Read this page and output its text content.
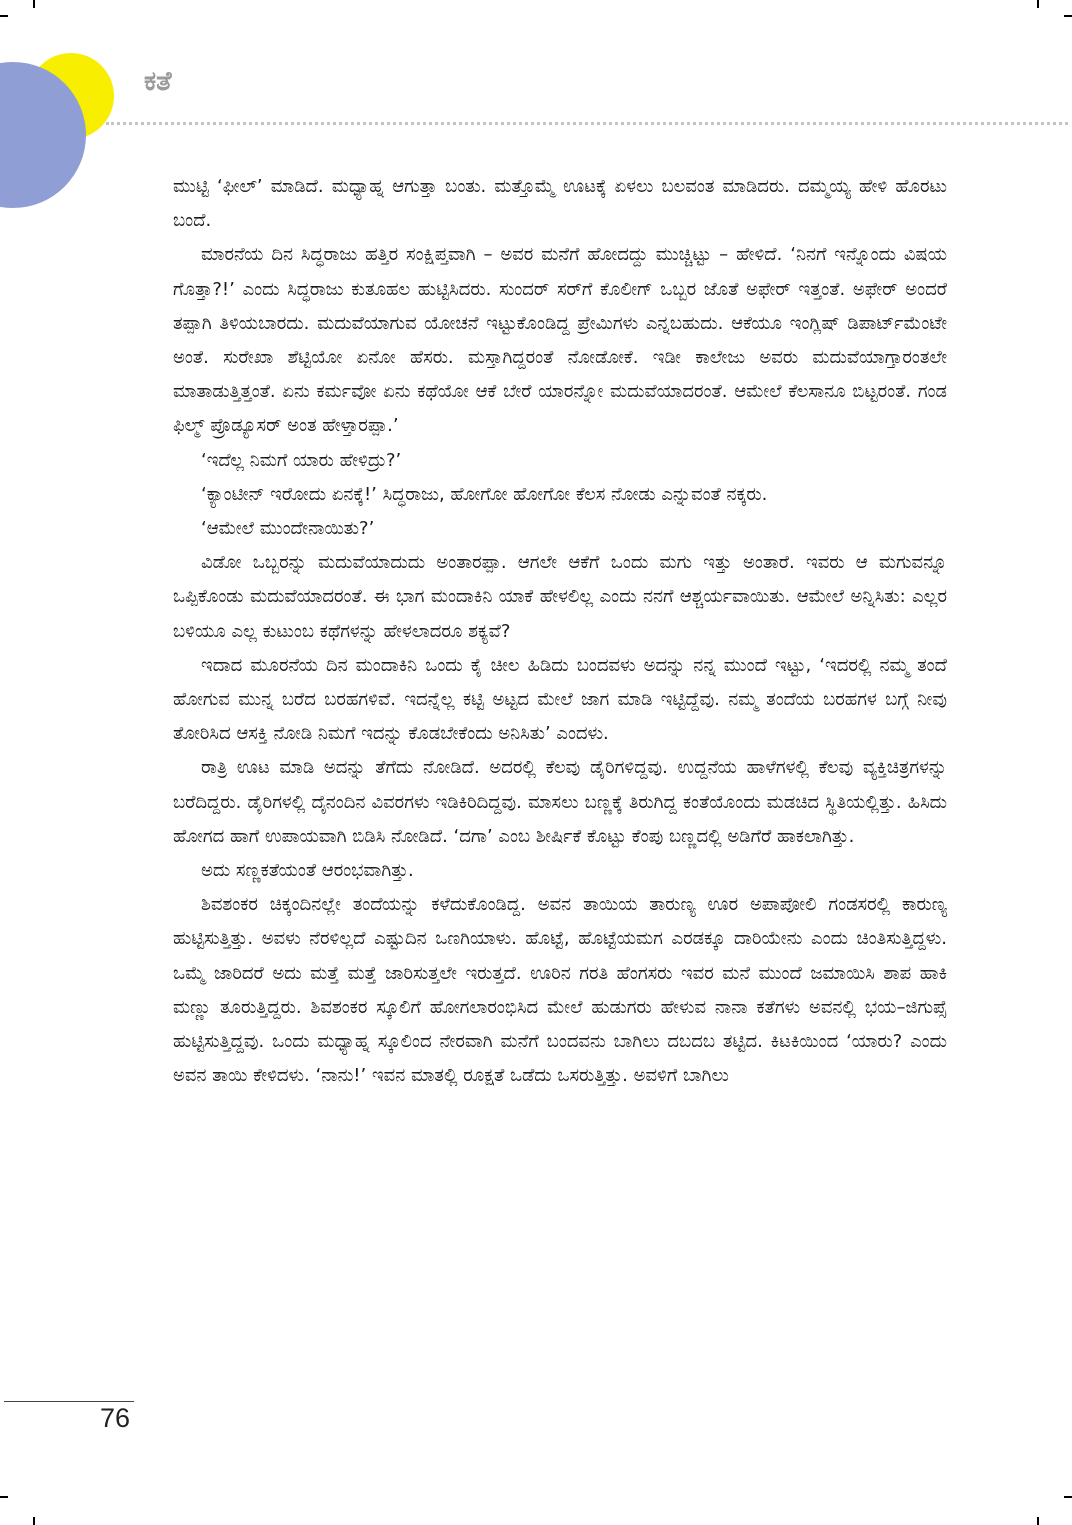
ಕತೆ

ಮುಟ್ಟಿ ‘ಫೀಲ್’ ಮಾಡಿದೆ. ಮಧ್ಯಾಹ್ನ ಆಗುತ್ತಾ ಬಂತು. ಮತ್ತೊಮ್ಮೆ ಊಟಕ್ಕೆ ಏಳಲು ಬಲವಂತ ಮಾಡಿದರು. ದಮ್ಮಯ್ಯ ಹೇಳಿ ಹೊರಟು ಬಂದೆ.

ಮಾರನೆಯ ದಿನ ಸಿದ್ಧರಾಜು ಹತ್ತಿರ ಸಂಕ್ಷಿಪ್ತವಾಗಿ – ಅವರ ಮನೆಗೆ ಹೋದದ್ದು ಮುಚ್ಚಿಟ್ಟು – ಹೇಳಿದೆ. ‘ನಿನಗೆ ಇನ್ನೊಂದು ವಿಷಯ ಗೊತ್ತಾ?!’ ಎಂದು ಸಿದ್ಧರಾಜು ಕುತೂಹಲ ಹುಟ್ಟಿಸಿದರು. ಸುಂದರ್ ಸರ್‌ಗೆ ಕೊಲೀಗ್ ಒಬ್ಬರ ಜೊತೆ ಅಫೇರ್ ಇತ್ತಂತೆ. ಅಫೇರ್ ಅಂದರೆ ತಪ್ಪಾಗಿ ತಿಳಿಯಬಾರದು. ಮದುವೆಯಾಗುವ ಯೋಚನೆ ಇಟ್ಟುಕೊಂಡಿದ್ದ ಪ್ರೇಮಿಗಳು ಎನ್ನಬಹುದು. ಆಕೆಯೂ ಇಂಗ್ಲಿಷ್ ಡಿಪಾರ್ಟ್‌ಮೆಂಟೇ ಅಂತೆ. ಸುರೇಖಾ ಶೆಟ್ಟಿಯೋ ಏನೋ ಹೆಸರು. ಮಸ್ತಾಗಿದ್ದರಂತೆ ನೋಡೋಕೆ. ಇಡೀ ಕಾಲೇಜು ಅವರು ಮದುವೆಯಾಗ್ತಾರಂತಲೇ ಮಾತಾಡುತ್ತಿತ್ತಂತೆ. ಏನು ಕರ್ಮವೋ ಏನು ಕಥೆಯೋ ಆಕೆ ಬೇರೆ ಯಾರನ್ನೋ ಮದುವೆಯಾದರಂತೆ. ಆಮೇಲೆ ಕೆಲಸಾನೂ ಬಿಟ್ಟರಂತೆ. ಗಂಡ ಫಿಲ್ಮ್ ಪ್ರೊಡ್ಯೂಸರ್ ಅಂತ ಹೇಳ್ತಾರಪ್ಪಾ.’

‘ಇದೆಲ್ಲ ನಿಮಗೆ ಯಾರು ಹೇಳಿದ್ರು?’

‘ಕ್ಯಾಂಟೀನ್ ಇರೋದು ಏನಕ್ಕೆ!’ ಸಿದ್ಧರಾಜು, ಹೋಗೋ ಹೋಗೋ ಕೆಲಸ ನೋಡು ಎನ್ನುವಂತೆ ನಕ್ಕರು.

‘ಆಮೇಲೆ ಮುಂದೇನಾಯಿತು?’

ವಿಡೋ ಒಬ್ಬರನ್ನು ಮದುವೆಯಾದುದು ಅಂತಾರಪ್ಪಾ. ಆಗಲೇ ಆಕೆಗೆ ಒಂದು ಮಗು ಇತ್ತು ಅಂತಾರೆ. ಇವರು ಆ ಮಗುವನ್ನೂ ಒಪ್ಪಿಕೊಂಡು ಮದುವೆಯಾದರಂತೆ. ಈ ಭಾಗ ಮಂದಾಕಿನಿ ಯಾಕೆ ಹೇಳಲಿಲ್ಲ ಎಂದು ನನಗೆ ಆಶ್ಚರ್ಯವಾಯಿತು. ಆಮೇಲೆ ಅನ್ನಿಸಿತು: ಎಲ್ಲರ ಬಳಿಯೂ ಎಲ್ಲ ಕುಟುಂಬ ಕಥೆಗಳನ್ನು ಹೇಳಲಾದರೂ ಶಕ್ಯವೆ?

ಇದಾದ ಮೂರನೆಯ ದಿನ ಮಂದಾಕಿನಿ ಒಂದು ಕೈ ಚೀಲ ಹಿಡಿದು ಬಂದವಳು ಅದನ್ನು ನನ್ನ ಮುಂದೆ ಇಟ್ಟು, ‘ಇದರಲ್ಲಿ ನಮ್ಮ ತಂದೆ ಹೋಗುವ ಮುನ್ನ ಬರೆದ ಬರಹಗಳಿವೆ. ಇದನ್ನೆಲ್ಲ ಕಟ್ಟಿ ಅಟ್ಟದ ಮೇಲೆ ಜಾಗ ಮಾಡಿ ಇಟ್ಟಿದ್ದೆವು. ನಮ್ಮ ತಂದೆಯ ಬರಹಗಳ ಬಗ್ಗೆ ನೀವು ತೋರಿಸಿದ ಆಸಕ್ತಿ ನೋಡಿ ನಿಮಗೆ ಇದನ್ನು ಕೊಡಬೇಕೆಂದು ಅನಿಸಿತು’ ಎಂದಳು.

ರಾತ್ರಿ ಊಟ ಮಾಡಿ ಅದನ್ನು ತೆಗೆದು ನೋಡಿದೆ. ಅದರಲ್ಲಿ ಕೆಲವು ಡೈರಿಗಳಿದ್ದವು. ಉದ್ದನೆಯ ಹಾಳೆಗಳಲ್ಲಿ ಕೆಲವು ವ್ಯಕ್ತಿಚಿತ್ರಗಳನ್ನು ಬರೆದಿದ್ದರು. ಡೈರಿಗಳಲ್ಲಿ ದೈನಂದಿನ ವಿವರಗಳು ಇಡಿಕಿರಿದಿದ್ದವು. ಮಾಸಲು ಬಣ್ಣಕ್ಕೆ ತಿರುಗಿದ್ದ ಕಂತೆಯೊಂದು ಮಡಚಿದ ಸ್ಥಿತಿಯಲ್ಲಿತ್ತು. ಹಿಸಿದು ಹೋಗದ ಹಾಗೆ ಉಪಾಯವಾಗಿ ಬಿಡಿಸಿ ನೋಡಿದೆ. ‘ದಗಾ’ ಎಂಬ ಶೀರ್ಷಿಕೆ ಕೊಟ್ಟು ಕೆಂಪು ಬಣ್ಣದಲ್ಲಿ ಅಡಿಗೆರೆ ಹಾಕಲಾಗಿತ್ತು.

ಅದು ಸಣ್ಣಕತೆಯಂತೆ ಆರಂಭವಾಗಿತ್ತು.

ಶಿವಶಂಕರ ಚಿಕ್ಕಂದಿನಲ್ಲೇ ತಂದೆಯನ್ನು ಕಳೆದುಕೊಂಡಿದ್ದ. ಅವನ ತಾಯಿಯ ತಾರುಣ್ಯ ಊರ ಅಪಾಪೋಲಿ ಗಂಡಸರಲ್ಲಿ ಕಾರುಣ್ಯ ಹುಟ್ಟಿಸುತ್ತಿತ್ತು. ಅವಳು ನೆರಳಿಲ್ಲದೆ ಎಷ್ಟುದಿನ ಒಣಗಿಯಾಳು. ಹೊಟ್ಟೆ, ಹೊಟ್ಟೆಯಮಗ ಎರಡಕ್ಕೂ ದಾರಿಯೇನು ಎಂದು ಚಿಂತಿಸುತ್ತಿದ್ದಳು. ಒಮ್ಮೆ ಜಾರಿದರೆ ಅದು ಮತ್ತೆ ಮತ್ತೆ ಜಾರಿಸುತ್ತಲೇ ಇರುತ್ತದೆ. ಊರಿನ ಗರತಿ ಹೆಂಗಸರು ಇವರ ಮನೆ ಮುಂದೆ ಜಮಾಯಿಸಿ ಶಾಪ ಹಾಕಿ ಮಣ್ಣು ತೂರುತ್ತಿದ್ದರು. ಶಿವಶಂಕರ ಸ್ಕೂಲಿಗೆ ಹೋಗಲಾರಂಭಿಸಿದ ಮೇಲೆ ಹುಡುಗರು ಹೇಳುವ ನಾನಾ ಕತೆಗಳು ಅವನಲ್ಲಿ ಭಯ–ಜಿಗುಪ್ಸೆ ಹುಟ್ಟಿಸುತ್ತಿದ್ದವು. ಒಂದು ಮಧ್ಯಾಹ್ನ ಸ್ಕೂಲಿಂದ ನೇರವಾಗಿ ಮನೆಗೆ ಬಂದವನು ಬಾಗಿಲು ದಬದಬ ತಟ್ಟಿದ. ಕಿಟಕಿಯಿಂದ ‘ಯಾರು? ಎಂದು ಅವನ ತಾಯಿ ಕೇಳಿದಳು. ‘ನಾನು!’ ಇವನ ಮಾತಲ್ಲಿ ರೂಕ್ಷತೆ ಒಡೆದು ಒಸರುತ್ತಿತ್ತು. ಅವಳಿಗೆ ಬಾಗಿಲು

76
